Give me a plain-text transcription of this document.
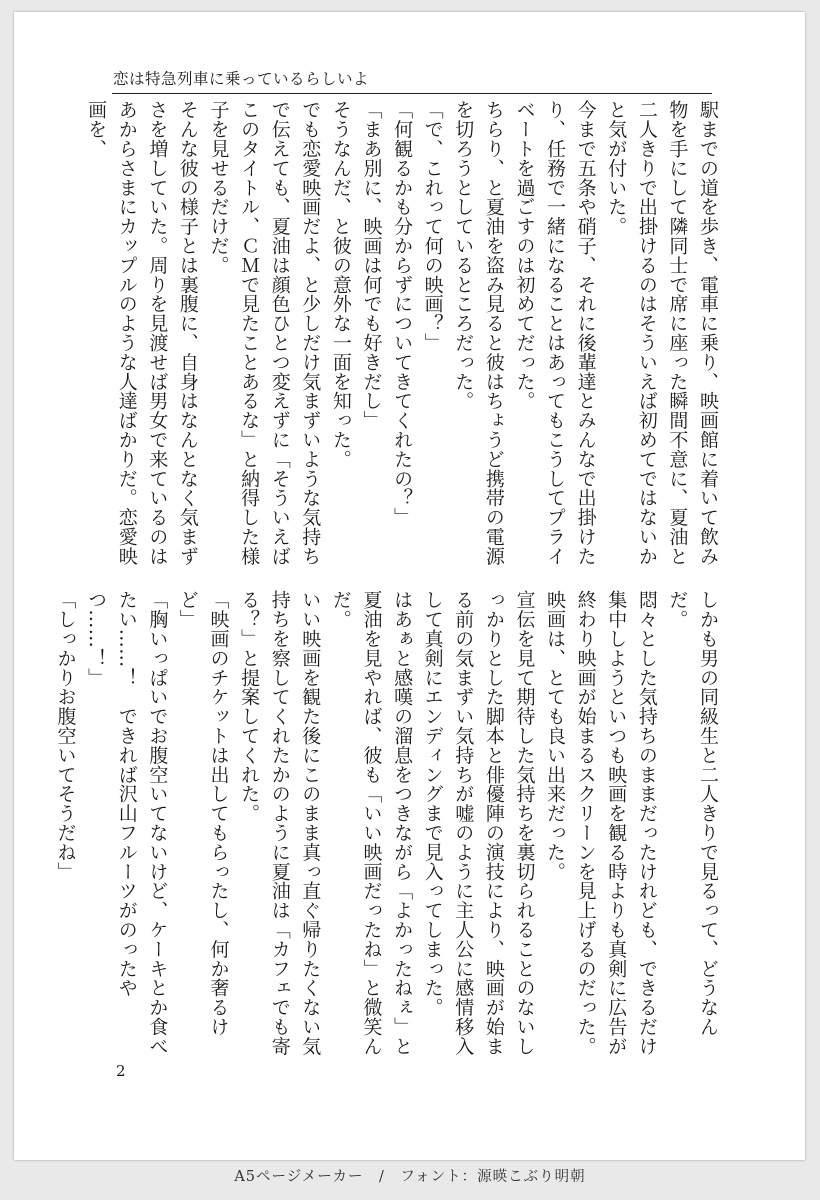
恋は特急列車に乗っているらしいよ

駅までの道を歩き、電車に乗り、映画館に着いて飲み物を手にして隣同士で席に座った瞬間不意に、夏油と二人きりで出掛けるのはそういえば初めてではないかと気が付いた。

今まで五条や硝子、それに後輩達とみんなで出掛けたり、任務で一緒になることはあってもこうしてプライベートを過ごすのは初めてだった。

ちらり、と夏油を盗み見ると彼はちょうど携帯の電源を切ろうとしているところだった。

「で、これって何の映画？」

「何観るかも分からずについてきてくれたの？」

「まあ別に、映画は何でも好きだし」

そうなんだ、と彼の意外な一面を知った。

でも恋愛映画だよ、と少しだけ気まずいような気持ちで伝えても、夏油は顔色ひとつ変えずに「そういえばこのタイトル、ＣＭで見たことあるな」と納得した様子を見せるだけだ。

そんな彼の様子とは裏腹に、自身はなんとなく気まずさを増していた。周りを見渡せば男女で来ているのはあからさまにカップルのような人達ばかりだ。恋愛映画を、

しかも男の同級生と二人きりで見るって、どうなんだ。

悶々とした気持ちのままだったけれども、できるだけ集中しようといつも映画を観る時よりも真剣に広告が終わり映画が始まるスクリーンを見上げるのだった。

映画は、とても良い出来だった。

宣伝を見て期待した気持ちを裏切られることのないしっかりとした脚本と俳優陣の演技により、映画が始まる前の気まずい気持ちが嘘のように主人公に感情移入して真剣にエンディングまで見入ってしまった。

はあぁと感嘆の溜息をつきながら「よかったねぇ」と夏油を見やれば、彼も「いい映画だったね」と微笑んだ。

いい映画を観た後にこのまま真っ直ぐ帰りたくない気持ちを察してくれたかのように夏油は「カフェでも寄る？」と提案してくれた。

「映画のチケットは出してもらったし、何か奢るけど」

「胸いっぱいでお腹空いてないけど、ケーキとか食べたい……！　できれば沢山フルーツがのったやつ……！」

「しっかりお腹空いてそうだね」

2
A5ページメーカー　/　フォント：源暎こぶり明朝
